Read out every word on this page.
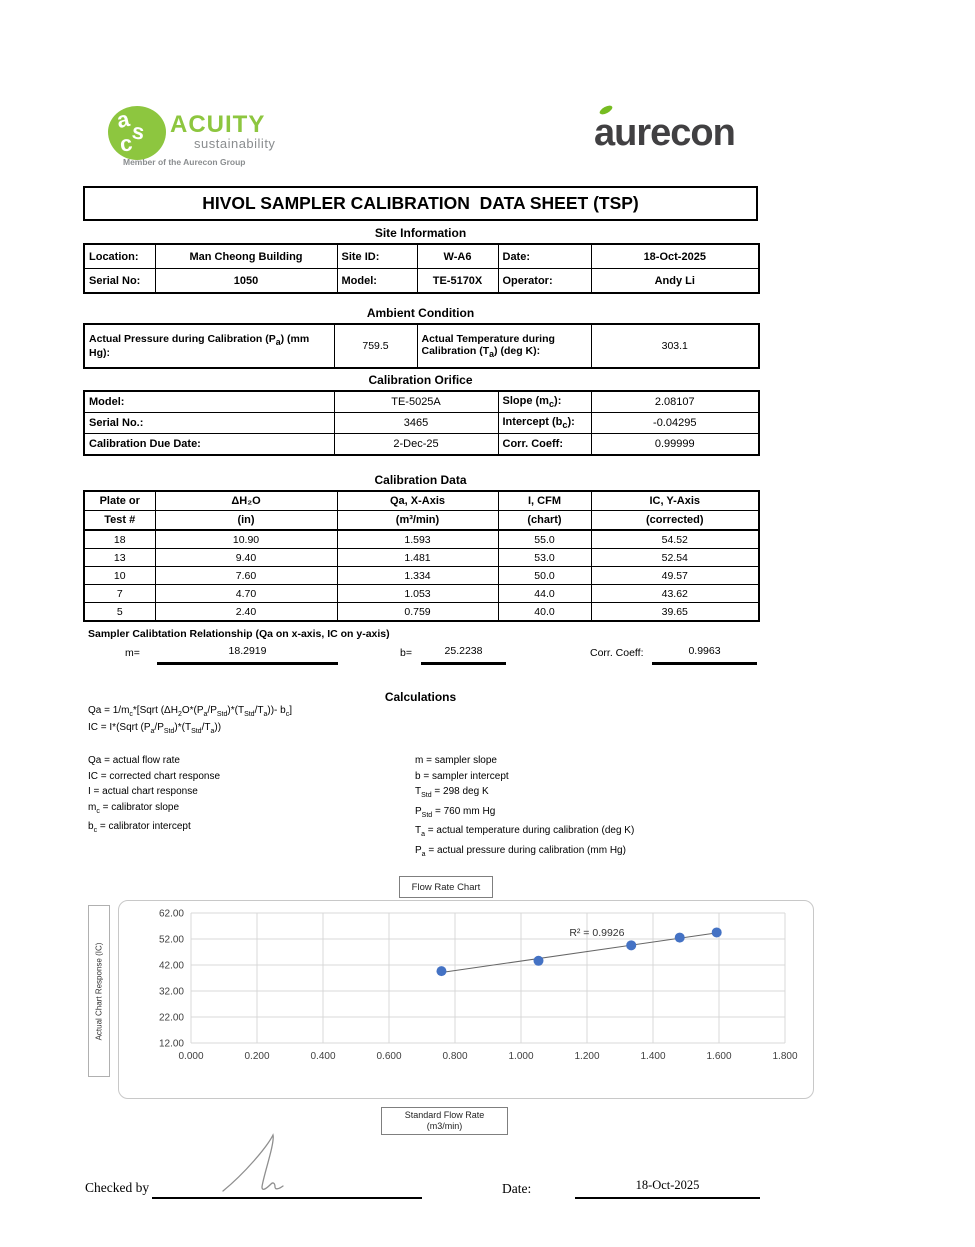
a
s
c
ACUITY
sustainability
Member of the Aurecon Group
aurecon
HIVOL SAMPLER CALIBRATION  DATA SHEET (TSP)
Site Information
Location:	Man Cheong Building	Site ID:	W-A6	Date:	18-Oct-2025
Serial No:	1050	Model:	TE-5170X	Operator:	Andy Li
Ambient Condition
Actual Pressure during Calibration $(P_a)$ (mm Hg):	759.5	Actual Temperature during Calibration $(T_a)$ (deg K):	303.1
Calibration Orifice
Model:	TE-5025A	Slope $(m_c)$:	2.08107
Serial No.:	3465	Intercept $(b_c)$:	-0.04295
Calibration Due Date:	2-Dec-25	Corr. Coeff:	0.99999
Calibration Data
Plate or	ΔH₂O	Qa, X-Axis	I, CFM	IC, Y-Axis
Test #	(in)	(m³/min)	(chart)	(corrected)
18	10.90	1.593	55.0	54.52
13	9.40	1.481	53.0	52.54
10	7.60	1.334	50.0	49.57
7	4.70	1.053	44.0	43.62
5	2.40	0.759	40.0	39.65
Sampler Calibtation Relationship (Qa on x-axis, IC on y-axis)
m=	18.2919	b=	25.2238	Corr. Coeff:	0.9963
Calculations
$Qa = 1/m_c*[Sqrt$ $(\Delta H_2O*(P_a/P_{Std})*(T_{Std}/T_a))-$ $b_c$]
IC = I*(Sqrt $(P_a/P_{Std})*(T_{Std}/T_a)$)
Qa = actual flow rate
IC = corrected chart response
I = actual chart response
$m_c$ = calibrator slope
$b_c$ = calibrator intercept
m = sampler slope
b = sampler intercept
$T_{Std} = 298$ deg K
$P_{Std} = 760$ mm Hg
$T_a$ = actual temperature during calibration (deg K)
$P_a$ = actual pressure during calibration (mm Hg)
Flow Rate Chart
Actual Chart Response (IC)
0.000	0.200	0.400	0.600	0.800	1.000	1.200	1.400	1.600	1.800
12.00
22.00
32.00
42.00
52.00
62.00
R² = 0.9926
Standard Flow Rate
(m3/min)
Checked by	Date:	18-Oct-2025
